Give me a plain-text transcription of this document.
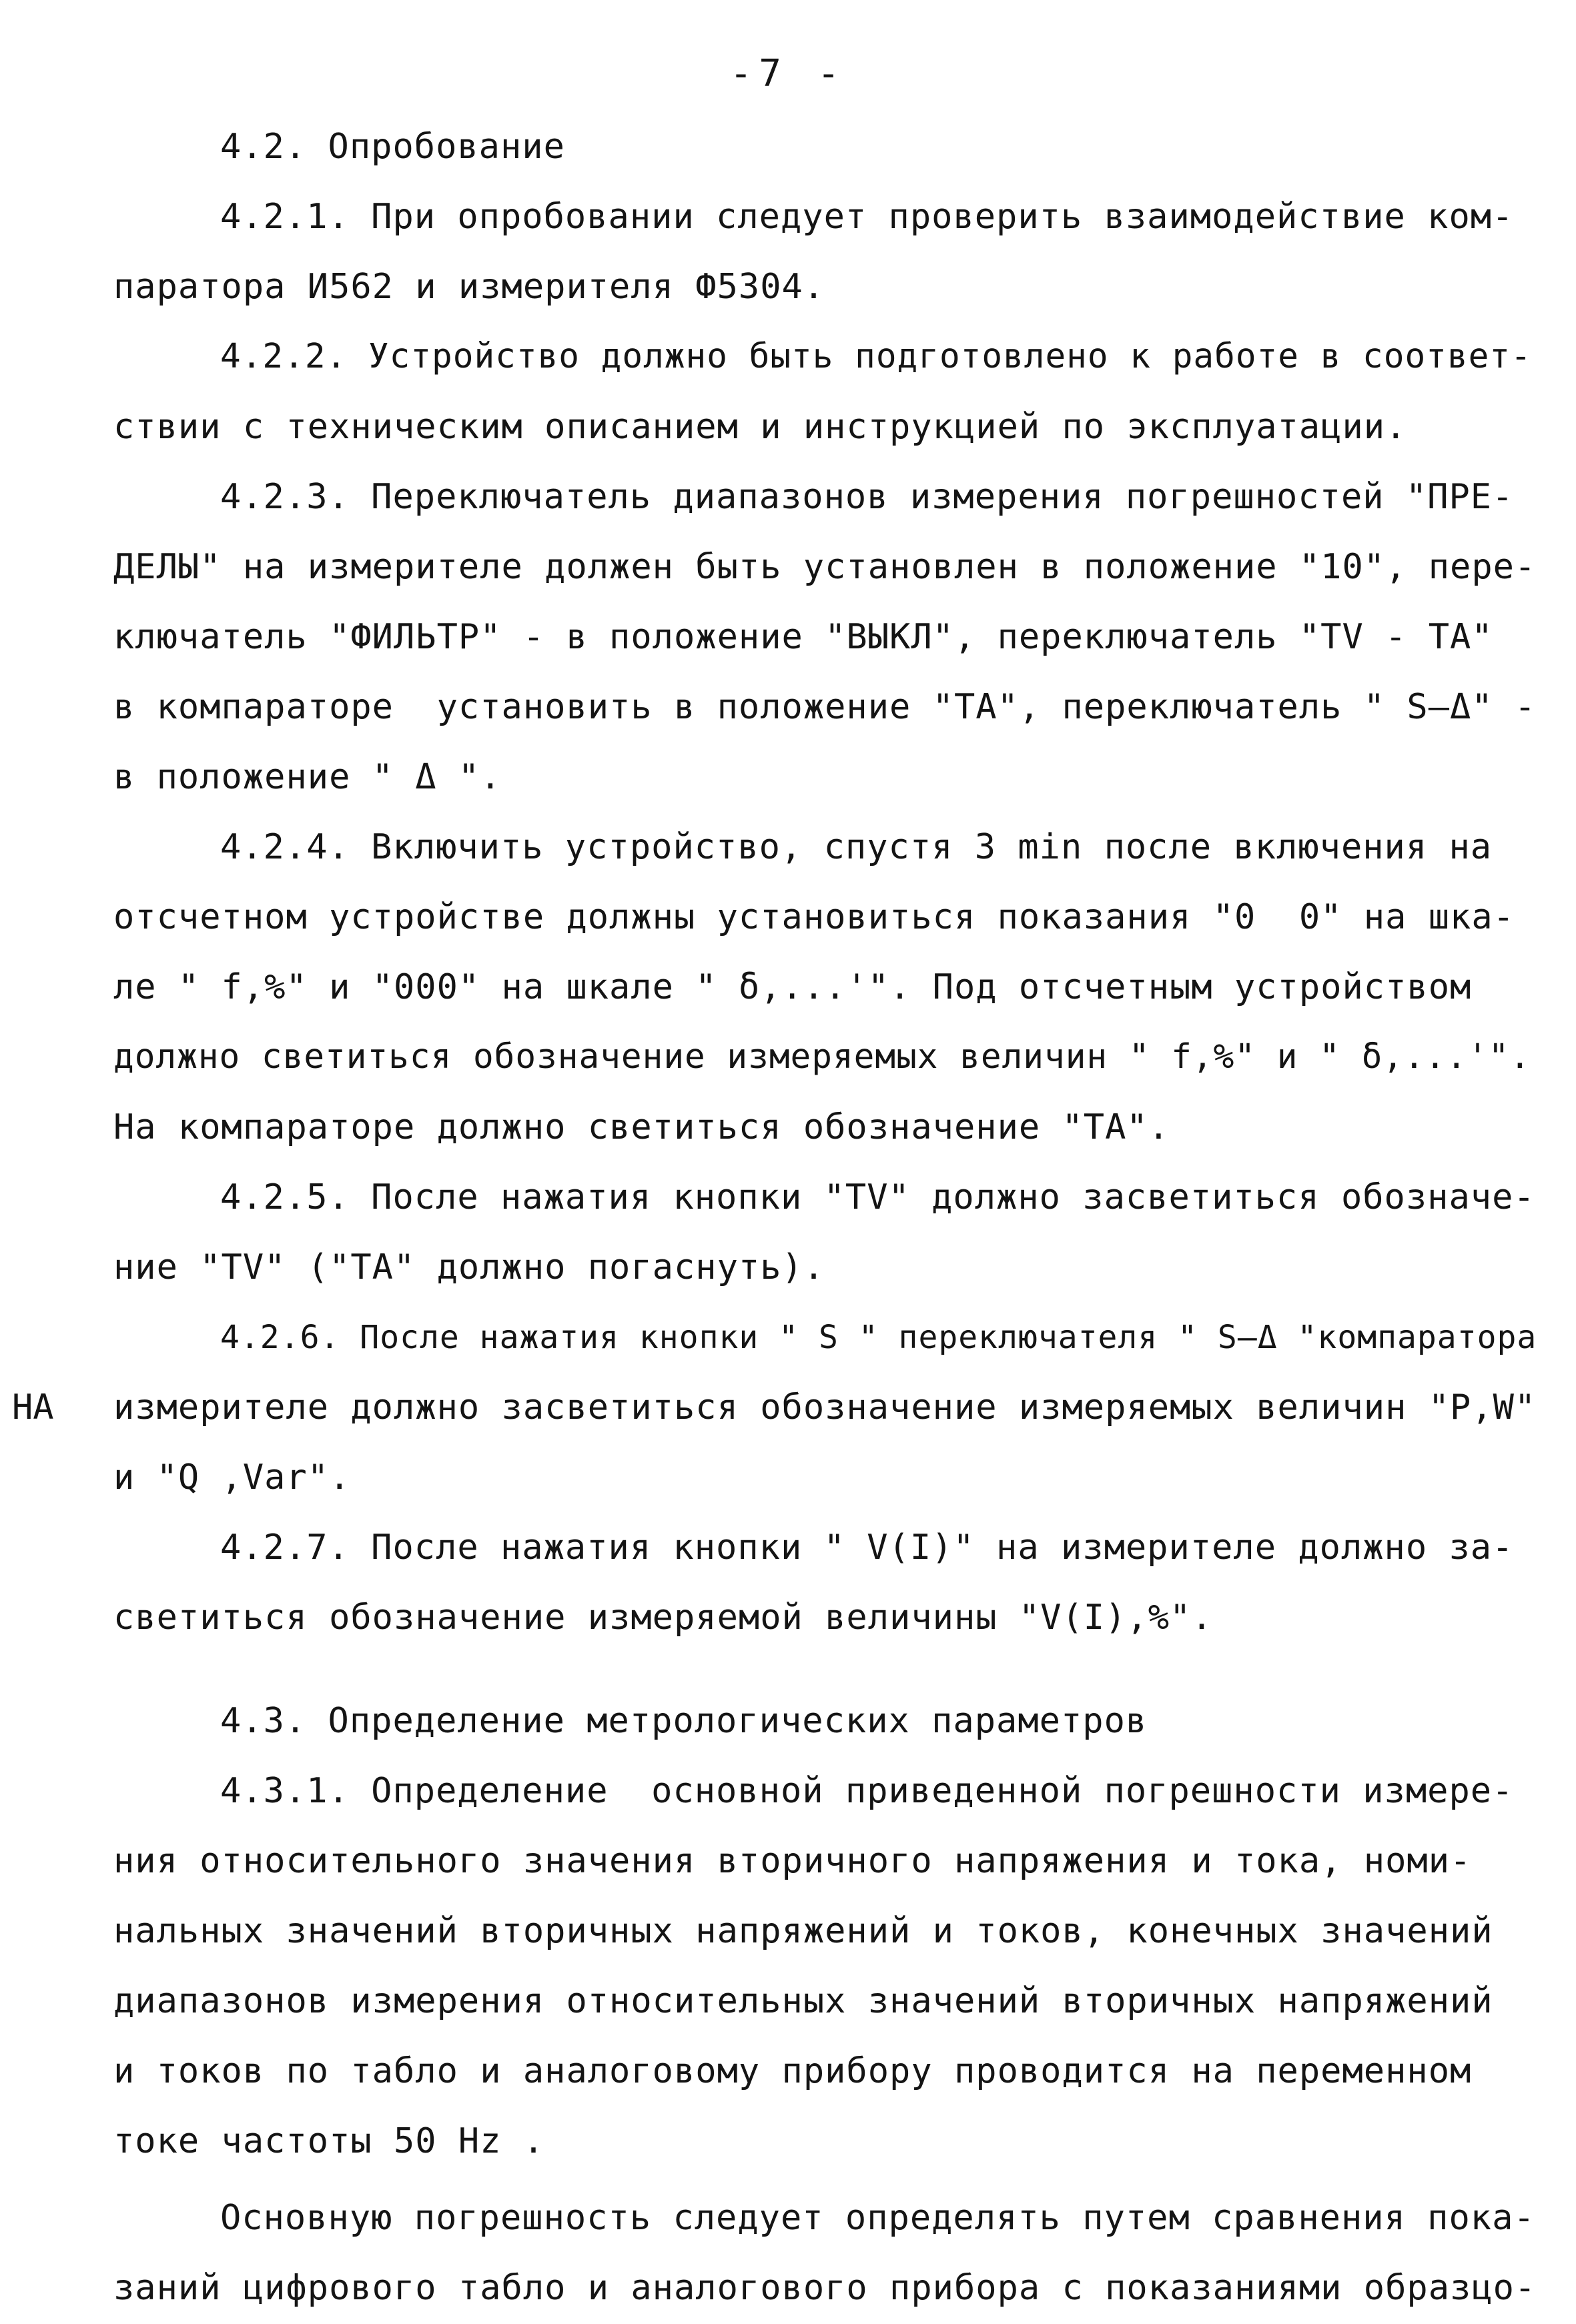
-7 -
4.2. Опробование
4.2.1. При опробовании следует проверить взаимодействие ком-
паратора И562 и измерителя Ф5304.
4.2.2. Устройство должно быть подготовлено к работе в соответ-
ствии с техническим описанием и инструкцией по эксплуатации.
4.2.3. Переключатель диапазонов измерения погрешностей "ПРЕ-
ДЕЛЫ" на измерителе должен быть установлен в положение "10", пере-
ключатель "ФИЛЬТР" - в положение "ВЫКЛ", переключатель "TV - TA"
в компараторе  установить в положение "TA", переключатель " S–Δ" -
в положение " Δ ".
4.2.4. Включить устройство, спустя 3 min после включения на
отсчетном устройстве должны установиться показания "0  0" на шка-
ле " f,%" и "000" на шкале " δ,...'". Под отсчетным устройством
должно светиться обозначение измеряемых величин " f,%" и " δ,...'".
На компараторе должно светиться обозначение "TA".
4.2.5. После нажатия кнопки "TV" должно засветиться обозначе-
ние "TV" ("TA" должно погаснуть).
4.2.6. После нажатия кнопки " S " переключателя " S–Δ "компаратора
НА измерителе должно засветиться обозначение измеряемых величин "P,W"
и "Q ,Var".
4.2.7. После нажатия кнопки " V(I)" на измерителе должно за-
светиться обозначение измеряемой величины "V(I),%".
4.3. Определение метрологических параметров
4.3.1. Определение  основной приведенной погрешности измере-
ния относительного значения вторичного напряжения и тока, номи-
нальных значений вторичных напряжений и токов, конечных значений
диапазонов измерения относительных значений вторичных напряжений
и токов по табло и аналоговому прибору проводится на переменном
токе частоты 50 Hz .
Основную погрешность следует определять путем сравнения пока-
заний цифрового табло и аналогового прибора с показаниями образцо-
